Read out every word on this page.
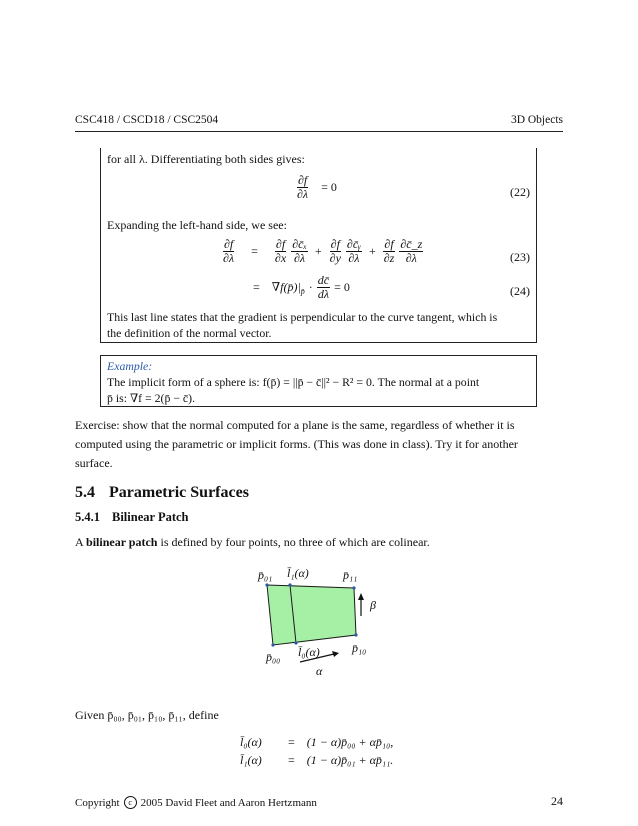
CSC418 / CSCD18 / CSC2504	3D Objects
for all λ. Differentiating both sides gives:
$\frac{\partial f}{\partial\lambda} = 0$	(22)
Expanding the left-hand side, we see:
$\frac{\partial f}{\partial\lambda} = \frac{\partial f}{\partial x} \frac{\text{∂c̄ₓ}}{\partial\lambda} + \frac{\partial f}{\partial y} \frac{\text{∂c̄ᵧ}}{\partial\lambda} + \frac{\partial f}{\partial z} \frac{\partial c̄\_z}{\partial\lambda}$	(23)
= $\nabla f(p̄)|_{p̄} \cdot \frac{dc̄}{d\lambda} = 0$	(24)
This last line states that the gradient is perpendicular to the curve tangent, which is
the definition of the normal vector.
Example:
The implicit form of a sphere is: f(p̄) = ||p̄ − c̄||² − R² = 0. The normal at a point
p̄ is: ∇f = 2(p̄ − c̄).
Exercise: show that the normal computed for a plane is the same, regardless of whether it is
computed using the parametric or implicit forms. (This was done in class). Try it for another
surface.
5.4 Parametric Surfaces
5.4.1 Bilinear Patch
A bilinear patch is defined by four points, no three of which are colinear.
p̄₀₁ l̄₁(α)	p̄₁₁
β
p̄₁₀
p̄₀₀ l̄₀(α)
α
Given p̄₀₀, p̄₀₁, p̄₁₀, p̄₁₁, define
l̄₀(α)	= (1 − α)p̄₀₀ + αp̄₁₀,
l̄₁(α)	= (1 − α)p̄₀₁ + αp̄₁₁.
Copyright	c 2005 David Fleet and Aaron Hertzmann	24
